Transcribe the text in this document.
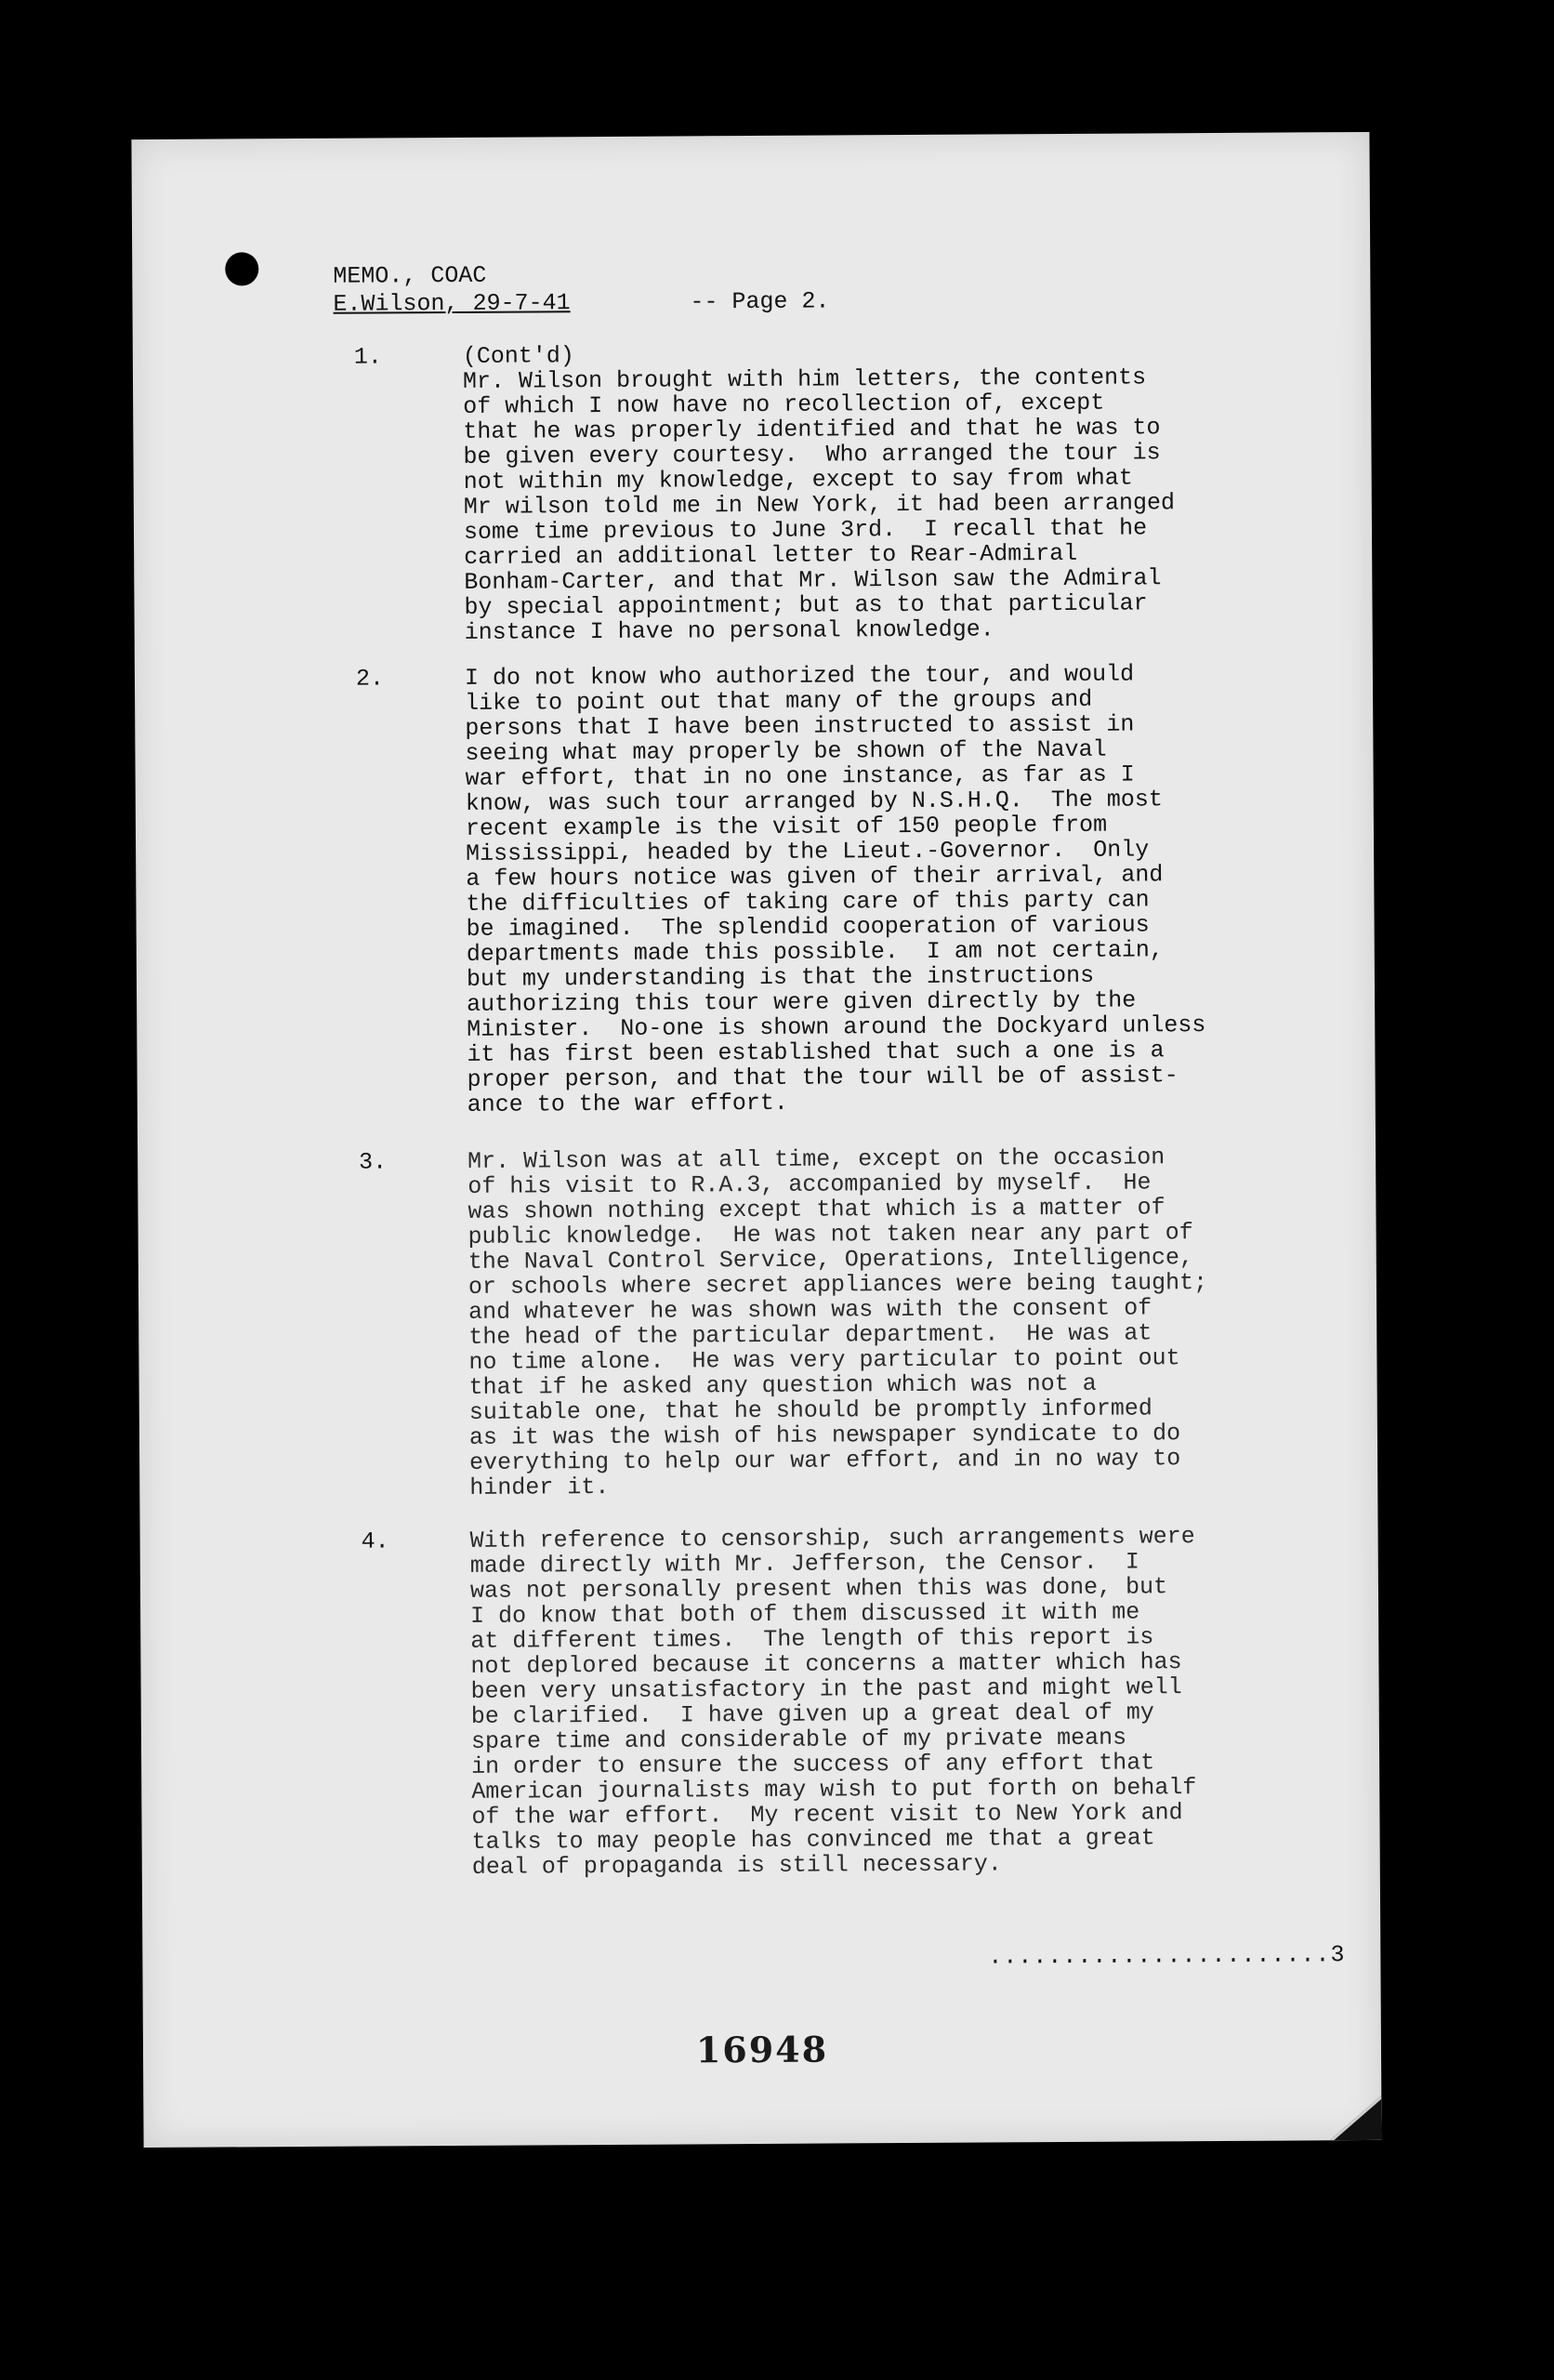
MEMO., COAC
E.Wilson, 29-7-41	-- Page 2.
1.	(Cont'd)
Mr. Wilson brought with him letters, the contents
of which I now have no recollection of, except
that he was properly identified and that he was to
be given every courtesy.  Who arranged the tour is
not within my knowledge, except to say from what
Mr wilson told me in New York, it had been arranged
some time previous to June 3rd.  I recall that he
carried an additional letter to Rear-Admiral
Bonham-Carter, and that Mr. Wilson saw the Admiral
by special appointment; but as to that particular
instance I have no personal knowledge.
2.	I do not know who authorized the tour, and would
like to point out that many of the groups and
persons that I have been instructed to assist in
seeing what may properly be shown of the Naval
war effort, that in no one instance, as far as I
know, was such tour arranged by N.S.H.Q.  The most
recent example is the visit of 150 people from
Mississippi, headed by the Lieut.-Governor.  Only
a few hours notice was given of their arrival, and
the difficulties of taking care of this party can
be imagined.  The splendid cooperation of various
departments made this possible.  I am not certain,
but my understanding is that the instructions
authorizing this tour were given directly by the
Minister.  No-one is shown around the Dockyard unless
it has first been established that such a one is a
proper person, and that the tour will be of assist-
ance to the war effort.
3.	Mr. Wilson was at all time, except on the occasion
of his visit to R.A.3, accompanied by myself.  He
was shown nothing except that which is a matter of
public knowledge.  He was not taken near any part of
the Naval Control Service, Operations, Intelligence,
or schools where secret appliances were being taught;
and whatever he was shown was with the consent of
the head of the particular department.  He was at
no time alone.  He was very particular to point out
that if he asked any question which was not a
suitable one, that he should be promptly informed
as it was the wish of his newspaper syndicate to do
everything to help our war effort, and in no way to
hinder it.
4.	With reference to censorship, such arrangements were
made directly with Mr. Jefferson, the Censor.  I
was not personally present when this was done, but
I do know that both of them discussed it with me
at different times.  The length of this report is
not deplored because it concerns a matter which has
been very unsatisfactory in the past and might well
be clarified.  I have given up a great deal of my
spare time and considerable of my private means
in order to ensure the success of any effort that
American journalists may wish to put forth on behalf
of the war effort.  My recent visit to New York and
talks to may people has convinced me that a great
deal of propaganda is still necessary.
.......................3
16948
